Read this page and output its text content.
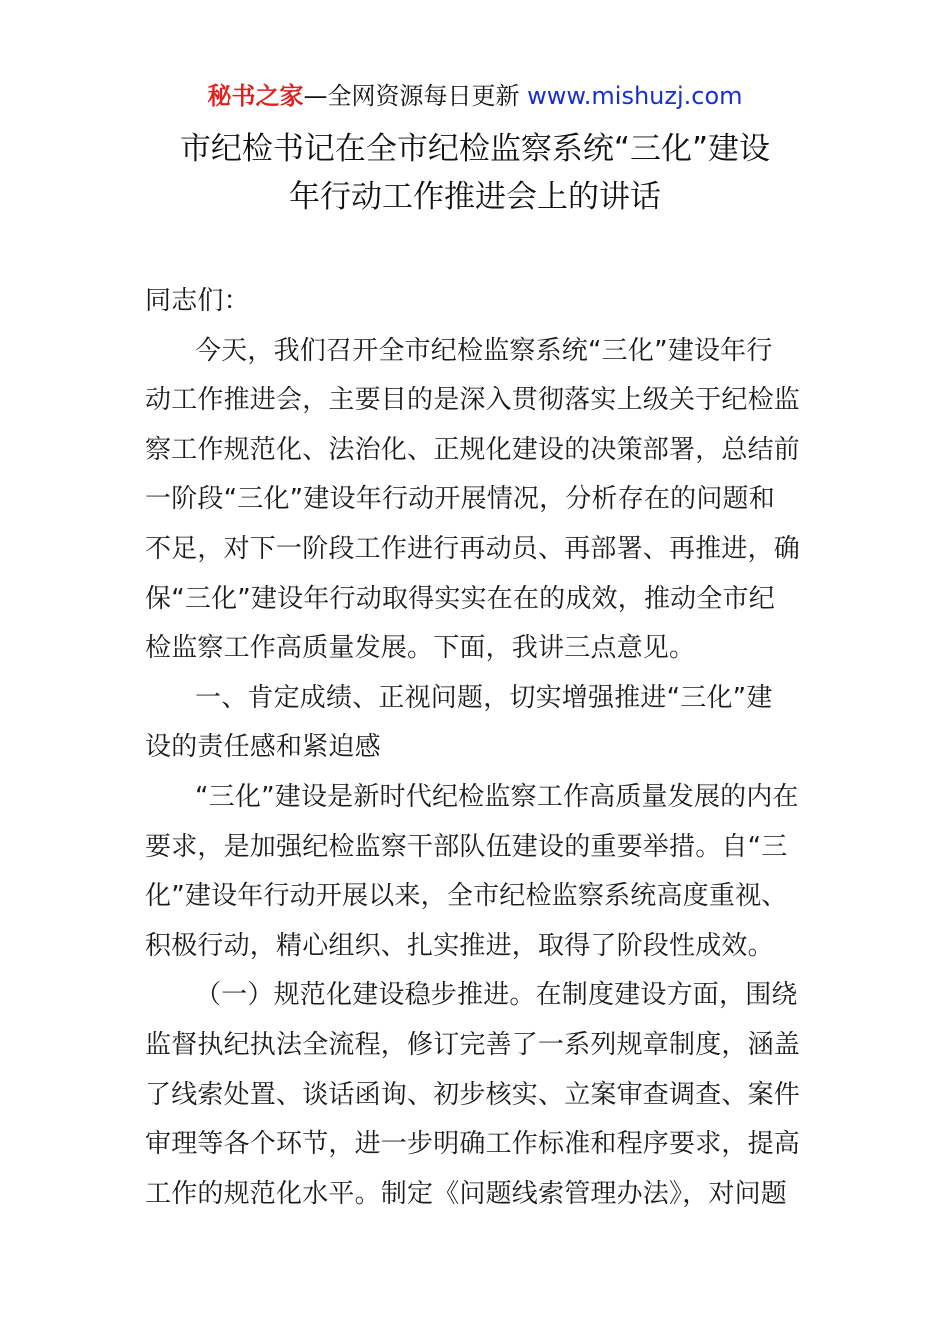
秘书之家—全网资源每日更新 www.mishuzj.com
市纪检书记在全市纪检监察系统“三化”建设
年行动工作推进会上的讲话
同志们：
今天，我们召开全市纪检监察系统“三化”建设年行
动工作推进会，主要目的是深入贯彻落实上级关于纪检监
察工作规范化、法治化、正规化建设的决策部署，总结前
一阶段“三化”建设年行动开展情况，分析存在的问题和
不足，对下一阶段工作进行再动员、再部署、再推进，确
保“三化”建设年行动取得实实在在的成效，推动全市纪
检监察工作高质量发展。下面，我讲三点意见。
一、肯定成绩、正视问题，切实增强推进“三化”建
设的责任感和紧迫感
“三化”建设是新时代纪检监察工作高质量发展的内在
要求，是加强纪检监察干部队伍建设的重要举措。自“三
化”建设年行动开展以来，全市纪检监察系统高度重视、
积极行动，精心组织、扎实推进，取得了阶段性成效。
（一）规范化建设稳步推进。在制度建设方面，围绕
监督执纪执法全流程，修订完善了一系列规章制度，涵盖
了线索处置、谈话函询、初步核实、立案审查调查、案件
审理等各个环节，进一步明确工作标准和程序要求，提高
工作的规范化水平。制定《问题线索管理办法》，对问题
